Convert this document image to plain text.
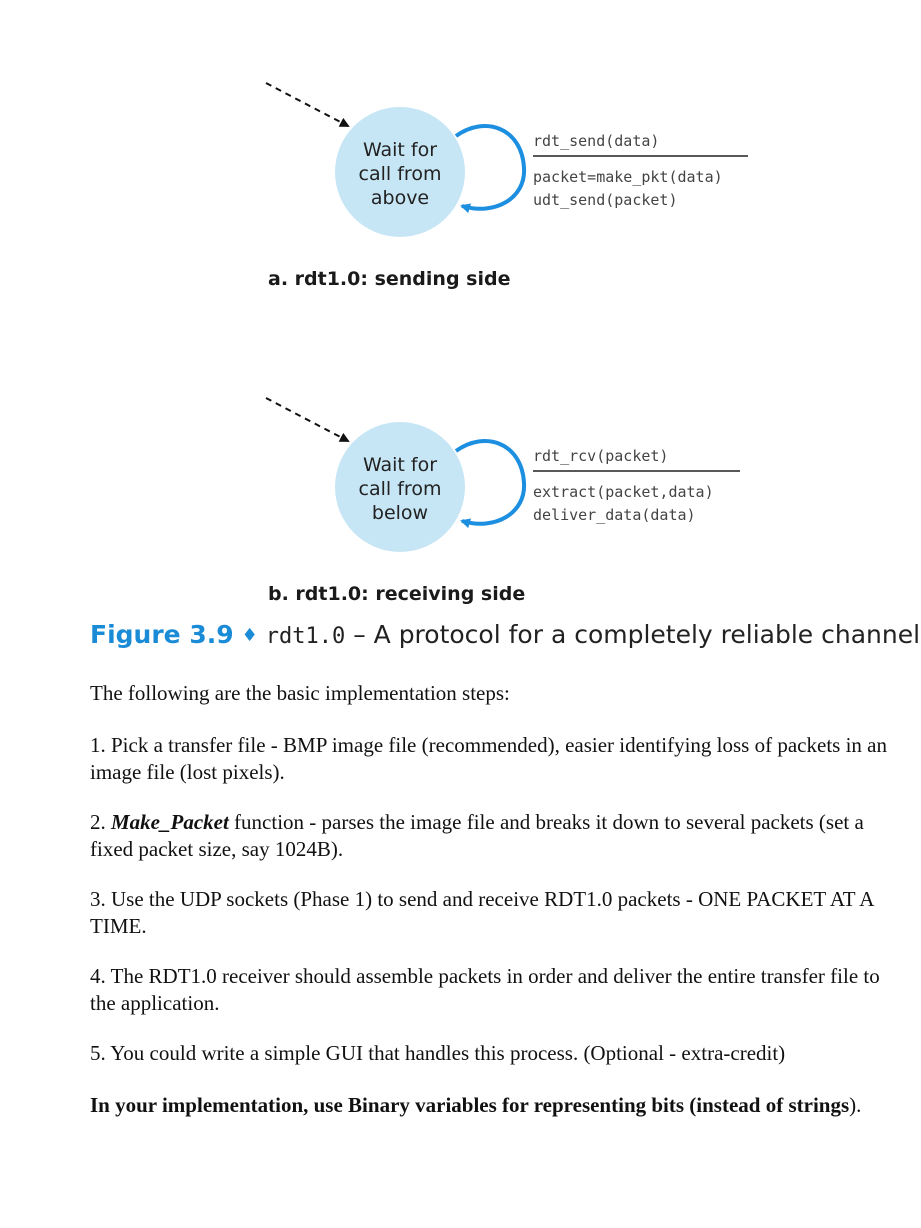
Wait for
call from
above
rdt_send(data)
packet=make_pkt(data)
udt_send(packet)
a. rdt1.0: sending side
Wait for
call from
below
rdt_rcv(packet)
extract(packet,data)
deliver_data(data)
b. rdt1.0: receiving side
Figure 3.9 ♦ rdt1.0 – A protocol for a completely reliable channel

The following are the basic implementation steps:

1. Pick a transfer file - BMP image file (recommended), easier identifying loss of packets in an image file (lost pixels).

2. Make_Packet function - parses the image file and breaks it down to several packets (set a fixed packet size, say 1024B).

3. Use the UDP sockets (Phase 1) to send and receive RDT1.0 packets - ONE PACKET AT A TIME.

4. The RDT1.0 receiver should assemble packets in order and deliver the entire transfer file to the application.

5. You could write a simple GUI that handles this process. (Optional - extra-credit)

In your implementation, use Binary variables for representing bits (instead of strings).
